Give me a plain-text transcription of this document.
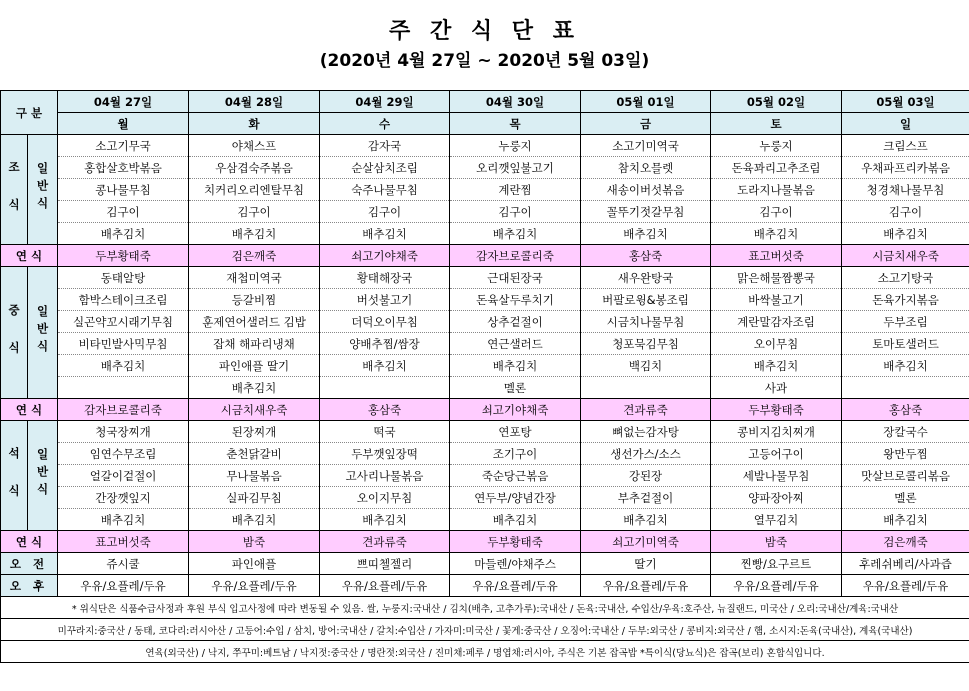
주 간 식 단 표
(2020년 4월 27일 ~ 2020년 5월 03일)
구 분		04월 27일	04월 28일	04월 29일	04월 30일	05월 01일	05월 02일	05월 03일
		월	화	수	목	금	토	일
조 식	일반식	소고기무국	야채스프	감자국	누룽지	소고기미역국	누룽지	크림스프
		홍합살호박볶음	우삼겹숙주볶음	순살삼치조림	오리깻잎불고기	참치오믈렛	돈육꽈리고추조림	우채파프리카볶음
		콩나물무침	치커리오리엔탈무침	숙주나물무침	계란찜	새송이버섯볶음	도라지나물볶음	청경채나물무침
		김구이	김구이	김구이	김구이	꼴뚜기젓갈무침	김구이	김구이
		배추김치	배추김치	배추김치	배추김치	배추김치	배추김치	배추김치
연 식		두부황태죽	검은깨죽	쇠고기야채죽	감자브로콜리죽	홍삼죽	표고버섯죽	시금치새우죽
중 식	일반식	동태알탕	재첩미역국	황태해장국	근대된장국	새우완탕국	맑은해물짬뽕국	소고기탕국
		함박스테이크조림	등갈비찜	버섯불고기	돈육살두루치기	버팔로윙&봉조림	바싹불고기	돈육가지볶음
		실곤약꼬시래기무침	훈제연어샐러드 김밥	더덕오이무침	상추겉절이	시금치나물무침	계란말감자조림	두부조림
		비타민발사믹무침	잡채 해파리냉채	양배추찜/쌈장	연근샐러드	청포묵김무침	오이무침	토마토샐러드
		배추김치	파인애플 딸기	배추김치	배추김치	백김치	배추김치	배추김치
			배추김치		멜론		사과	
연 식		감자브로콜리죽	시금치새우죽	홍삼죽	쇠고기야채죽	견과류죽	두부황태죽	홍삼죽
석 식	일반식	청국장찌개	된장찌개	떡국	연포탕	뼈없는감자탕	콩비지김치찌개	장칼국수
		임연수무조림	춘천닭갈비	두부깻잎장떡	조기구이	생선가스/소스	고등어구이	왕만두찜
		얼갈이겉절이	무나물볶음	고사리나물볶음	죽순당근볶음	강된장	세발나물무침	맛살브로콜리볶음
		간장깻잎지	실파김무침	오이지무침	연두부/양념간장	부추겉절이	양파장아찌	멜론
		배추김치	배추김치	배추김치	배추김치	배추김치	열무김치	배추김치
연 식		표고버섯죽	밤죽	견과류죽	두부황태죽	쇠고기미역죽	밤죽	검은깨죽
오 전		쥬시쿨	파인애플	쁘띠첼젤리	마들렌/야채주스	딸기	찐빵/요구르트	후레쉬베리/사과즙
오 후		우유/요플레/두유	우유/요플레/두유	우유/요플레/두유	우유/요플레/두유	우유/요플레/두유	우유/요플레/두유	우유/요플레/두유
* 위식단은 식품수급사정과 후원 부식 입고사정에 따라 변동될 수 있음. 쌀, 누룽지:국내산 / 김치(배추, 고추가루):국내산 / 돈육:국내산, 수입산/우육:호주산, 뉴질랜드, 미국산 / 오리:국내산/계육:국내산								
미꾸라지:중국산 / 동태, 코다리:러시아산 / 고등어:수입 / 삼치, 방어:국내산 / 갈치:수입산 / 가자미:미국산 / 꽃게:중국산 / 오징어:국내산 / 두부:외국산 / 콩비지:외국산 / 햄, 소시지:돈육(국내산), 계육(국내산)								
연육(외국산) / 낙지, 쭈꾸미:베트남 / 낙지젓:중국산 / 명란젓:외국산 / 진미채:페루 / 명엽채:러시아, 주식은 기본 잡곡밥 *특이식(당뇨식)은 잡곡(보리) 혼합식입니다.								
